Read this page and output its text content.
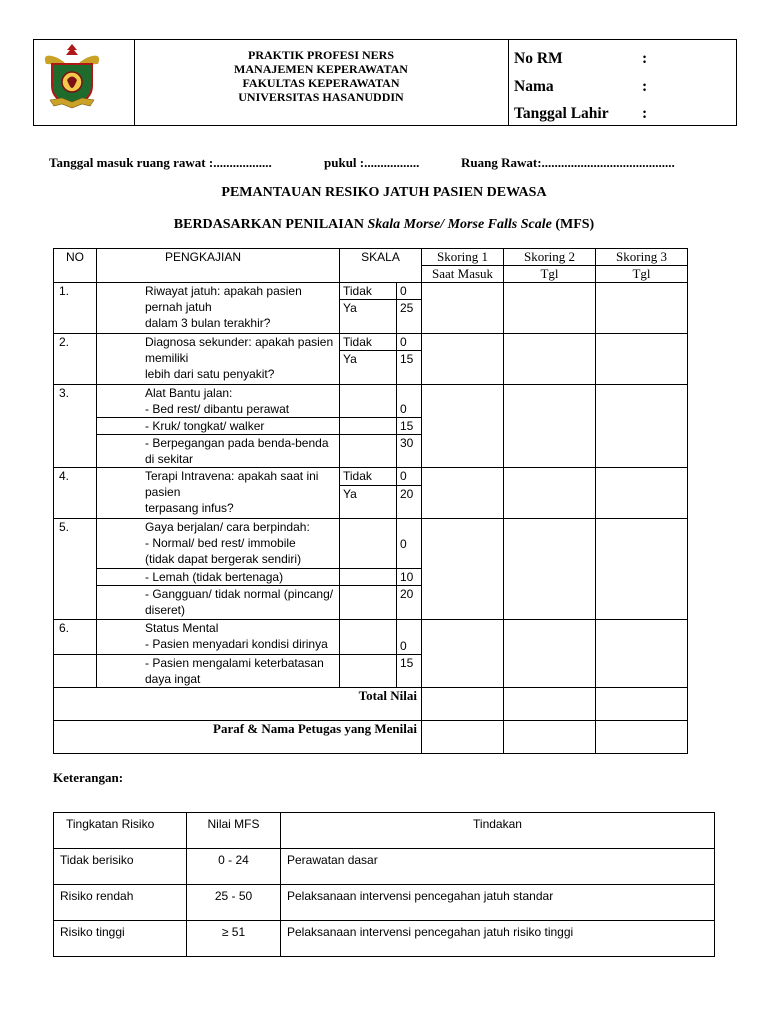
PRAKTIK PROFESI NERS
MANAJEMEN KEPERAWATAN
FAKULTAS KEPERAWATAN
UNIVERSITAS HASANUDDIN
No RM	:
Nama	:
Tanggal Lahir :
Tanggal masuk ruang rawat :..................	pukul :.................	Ruang Rawat:.........................................
PEMANTAUAN RESIKO JATUH PASIEN DEWASA
BERDASARKAN PENILAIAN Skala Morse/ Morse Falls Scale (MFS)
NO	PENGKAJIAN	SKALA		Skoring 1	Skoring 2	Skoring 3
				Saat Masuk	Tgl	Tgl
1.	Riwayat jatuh: apakah pasien pernah jatuh
dalam 3 bulan terakhir?	Tidak	0			
		Ya	25			
2.	Diagnosa sekunder: apakah pasien memiliki
lebih dari satu penyakit?	Tidak	0			
		Ya	15			
3.	Alat Bantu jalan:
- Bed rest/ dibantu perawat		0			
	- Kruk/ tongkat/ walker		15			
	- Berpegangan pada benda-benda di sekitar		30			
4.	Terapi Intravena: apakah saat ini pasien
terpasang infus?	Tidak	0			
		Ya	20			
5.	Gaya berjalan/ cara berpindah:
- Normal/ bed rest/ immobile
(tidak dapat bergerak sendiri)		0			
	- Lemah (tidak bertenaga)		10			
	- Gangguan/ tidak normal (pincang/ diseret)		20			
6.	Status Mental
- Pasien menyadari kondisi dirinya		0			
	- Pasien mengalami keterbatasan daya ingat		15			
Total Nilai						
Paraf & Nama Petugas yang Menilai						
Keterangan:
Tingkatan Risiko	Nilai MFS	Tindakan
Tidak berisiko	0 - 24	Perawatan dasar
Risiko rendah	25 - 50	Pelaksanaan intervensi pencegahan jatuh standar
Risiko tinggi	≥ 51	Pelaksanaan intervensi pencegahan jatuh risiko tinggi
